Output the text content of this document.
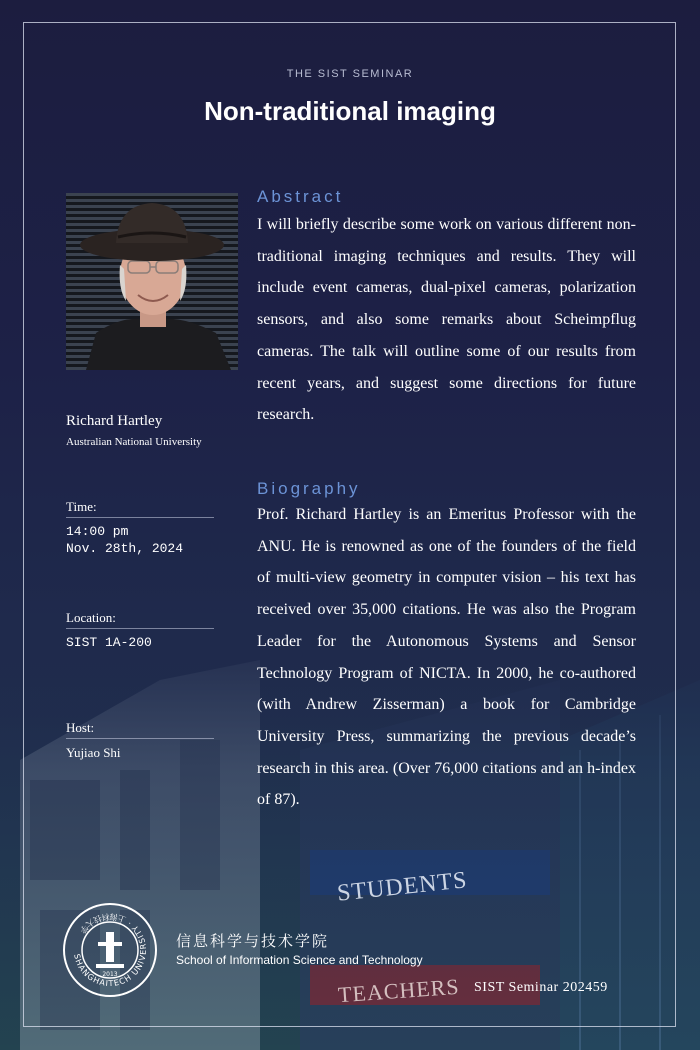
STUDENTS
TEACHERS
THE SIST SEMINAR
Non-traditional imaging
Richard Hartley
Australian National University
Time:
14:00 pm
Nov. 28th, 2024
Location:
SIST 1A-200
Host:
Yujiao Shi
Abstract

I will briefly describe some work on various different non-traditional imaging techniques and results. They will include event cameras, dual-pixel cameras, polarization sensors, and also some remarks about Scheimpflug cameras. The talk will outline some of our results from recent years, and suggest some directions for future research.

Biography

Prof. Richard Hartley is an Emeritus Professor with the ANU. He is renowned as one of the founders of the field of multi-view geometry in computer vision – his text has received over 35,000 citations. He was also the Program Leader for the Autonomous Systems and Sensor Technology Program of NICTA. In 2000, he co-authored (with Andrew Zisserman) a book for Cambridge University Press, summarizing the previous decade’s research in this area. (Over 76,000 citations and an h-index of 87).

SHANGHAITECH UNIVERSITY · 上海科技大学
2013
信息科学与技术学院
School of Information Science and Technology
SIST Seminar 202459
